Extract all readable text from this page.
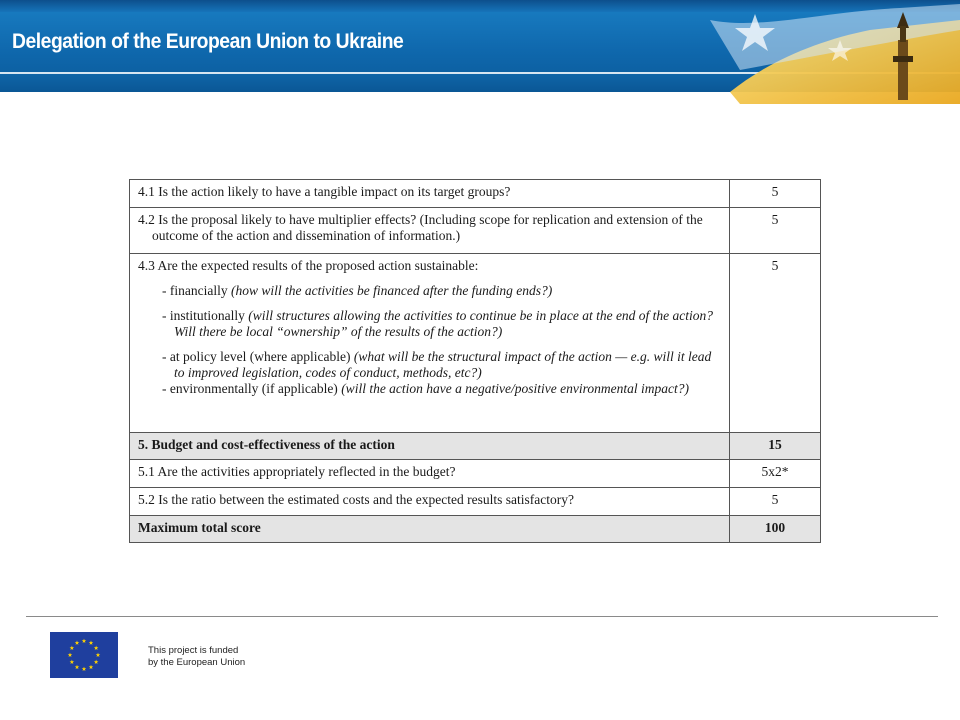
Delegation of the European Union to Ukraine
4.1 Is the action likely to have a tangible impact on its target groups?	5

4.2 Is the proposal likely to have multiplier effects? (Including scope for replication and extension of the outcome of the action and dissemination of information.)	5
4.3 Are the expected results of the proposed action sustainable:
- financially (how will the activities be financed after the funding ends?)
- institutionally (will structures allowing the activities to continue be in place at the end of the action? Will there be local “ownership” of the results of the action?)
- at policy level (where applicable) (what will be the structural impact of the action — e.g. will it lead to improved legislation, codes of conduct, methods, etc?)
- environmentally (if applicable) (will the action have a negative/positive environmental impact?)	5
5. Budget and cost-effectiveness of the action	15
5.1 Are the activities appropriately reflected in the budget?	5x2*
5.2 Is the ratio between the estimated costs and the expected results satisfactory?	5
Maximum total score	100
This project is funded
by the European Union
